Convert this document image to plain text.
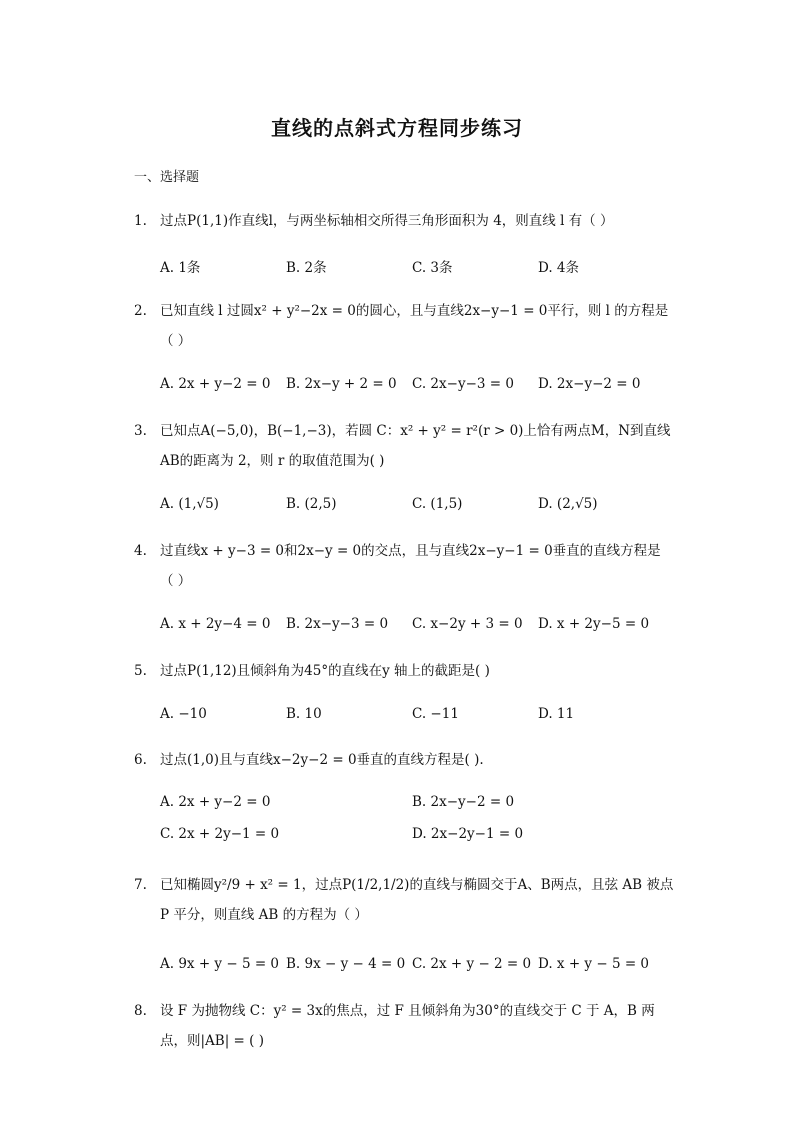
直线的点斜式方程同步练习
一、选择题
1. 过点P(1,1)作直线l，与两坐标轴相交所得三角形面积为 4，则直线 l 有（ ）
A. 1条	B. 2条	C. 3条	D. 4条
2. 已知直线 l 过圆x² + y²−2x = 0的圆心，且与直线2x−y−1 = 0平行，则 l 的方程是（ ）
A. 2x + y−2 = 0 B. 2x−y + 2 = 0 C. 2x−y−3 = 0 D. 2x−y−2 = 0
3. 已知点A(−5,0)，B(−1,−3)，若圆 C：x² + y² = r²(r > 0)上恰有两点M，N到直线AB的距离为 2，则 r 的取值范围为( )
A. (1,√5)	B. (2,5)	C. (1,5)	D. (2,√5)
4. 过直线x + y−3 = 0和2x−y = 0的交点，且与直线2x−y−1 = 0垂直的直线方程是（ ）
A. x + 2y−4 = 0 B. 2x−y−3 = 0 C. x−2y + 3 = 0 D. x + 2y−5 = 0
5. 过点P(1,12)且倾斜角为45°的直线在y 轴上的截距是( )
A. −10	B. 10	C. −11	D. 11
6. 过点(1,0)且与直线x−2y−2 = 0垂直的直线方程是( ).
A. 2x + y−2 = 0	B. 2x−y−2 = 0
C. 2x + 2y−1 = 0	D. 2x−2y−1 = 0
7. 已知椭圆y²/9 + x² = 1，过点P(1/2,1/2)的直线与椭圆交于A、B两点，且弦 AB 被点 P 平分，则直线 AB 的方程为（ ）
A. 9x + y − 5 = 0 B. 9x − y − 4 = 0 C. 2x + y − 2 = 0 D. x + y − 5 = 0
8. 设 F 为抛物线 C：y² = 3x的焦点，过 F 且倾斜角为30°的直线交于 C 于 A，B 两点，则|AB| = ( )
